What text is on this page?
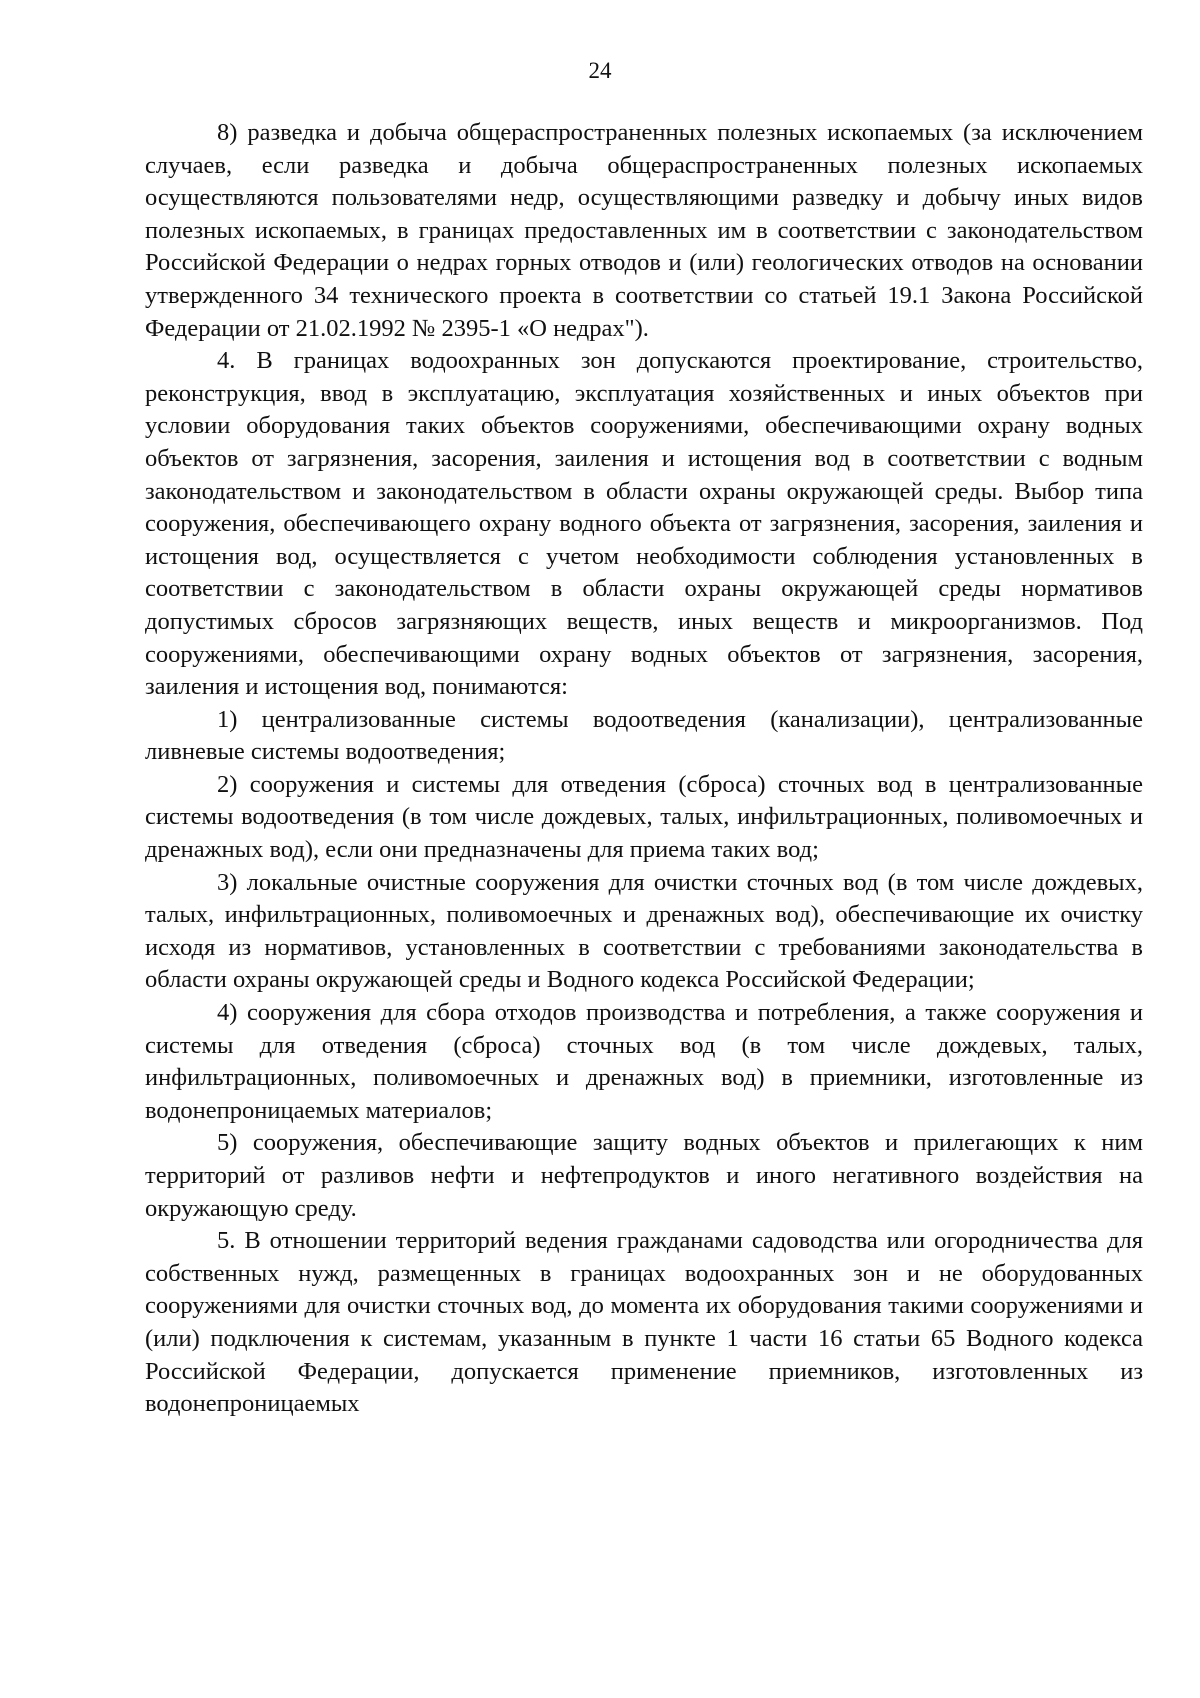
24

8) разведка и добыча общераспространенных полезных ископаемых (за исключением случаев, если разведка и добыча общераспространенных полезных ископаемых осуществляются пользователями недр, осуществляющими разведку и добычу иных видов полезных ископаемых, в границах предоставленных им в соответствии с законодательством Российской Федерации о недрах горных отводов и (или) геологических отводов на основании утвержденного 34 технического проекта в соответствии со статьей 19.1 Закона Российской Федерации от 21.02.1992 № 2395-1 «О недрах").

4. В границах водоохранных зон допускаются проектирование, строительство, реконструкция, ввод в эксплуатацию, эксплуатация хозяйственных и иных объектов при условии оборудования таких объектов сооружениями, обеспечивающими охрану водных объектов от загрязнения, засорения, заиления и истощения вод в соответствии с водным законодательством и законодательством в области охраны окружающей среды. Выбор типа сооружения, обеспечивающего охрану водного объекта от загрязнения, засорения, заиления и истощения вод, осуществляется с учетом необходимости соблюдения установленных в соответствии с законодательством в области охраны окружающей среды нормативов допустимых сбросов загрязняющих веществ, иных веществ и микроорганизмов. Под сооружениями, обеспечивающими охрану водных объектов от загрязнения, засорения, заиления и истощения вод, понимаются:

1) централизованные системы водоотведения (канализации), централизованные ливневые системы водоотведения;

2) сооружения и системы для отведения (сброса) сточных вод в централизованные системы водоотведения (в том числе дождевых, талых, инфильтрационных, поливомоечных и дренажных вод), если они предназначены для приема таких вод;

3) локальные очистные сооружения для очистки сточных вод (в том числе дождевых, талых, инфильтрационных, поливомоечных и дренажных вод), обеспечивающие их очистку исходя из нормативов, установленных в соответствии с требованиями законодательства в области охраны окружающей среды и Водного кодекса Российской Федерации;

4) сооружения для сбора отходов производства и потребления, а также сооружения и системы для отведения (сброса) сточных вод (в том числе дождевых, талых, инфильтрационных, поливомоечных и дренажных вод) в приемники, изготовленные из водонепроницаемых материалов;

5) сооружения, обеспечивающие защиту водных объектов и прилегающих к ним территорий от разливов нефти и нефтепродуктов и иного негативного воздействия на окружающую среду.

5. В отношении территорий ведения гражданами садоводства или огородничества для собственных нужд, размещенных в границах водоохранных зон и не оборудованных сооружениями для очистки сточных вод, до момента их оборудования такими сооружениями и (или) подключения к системам, указанным в пункте 1 части 16 статьи 65 Водного кодекса Российской Федерации, допускается применение приемников, изготовленных из водонепроницаемых
